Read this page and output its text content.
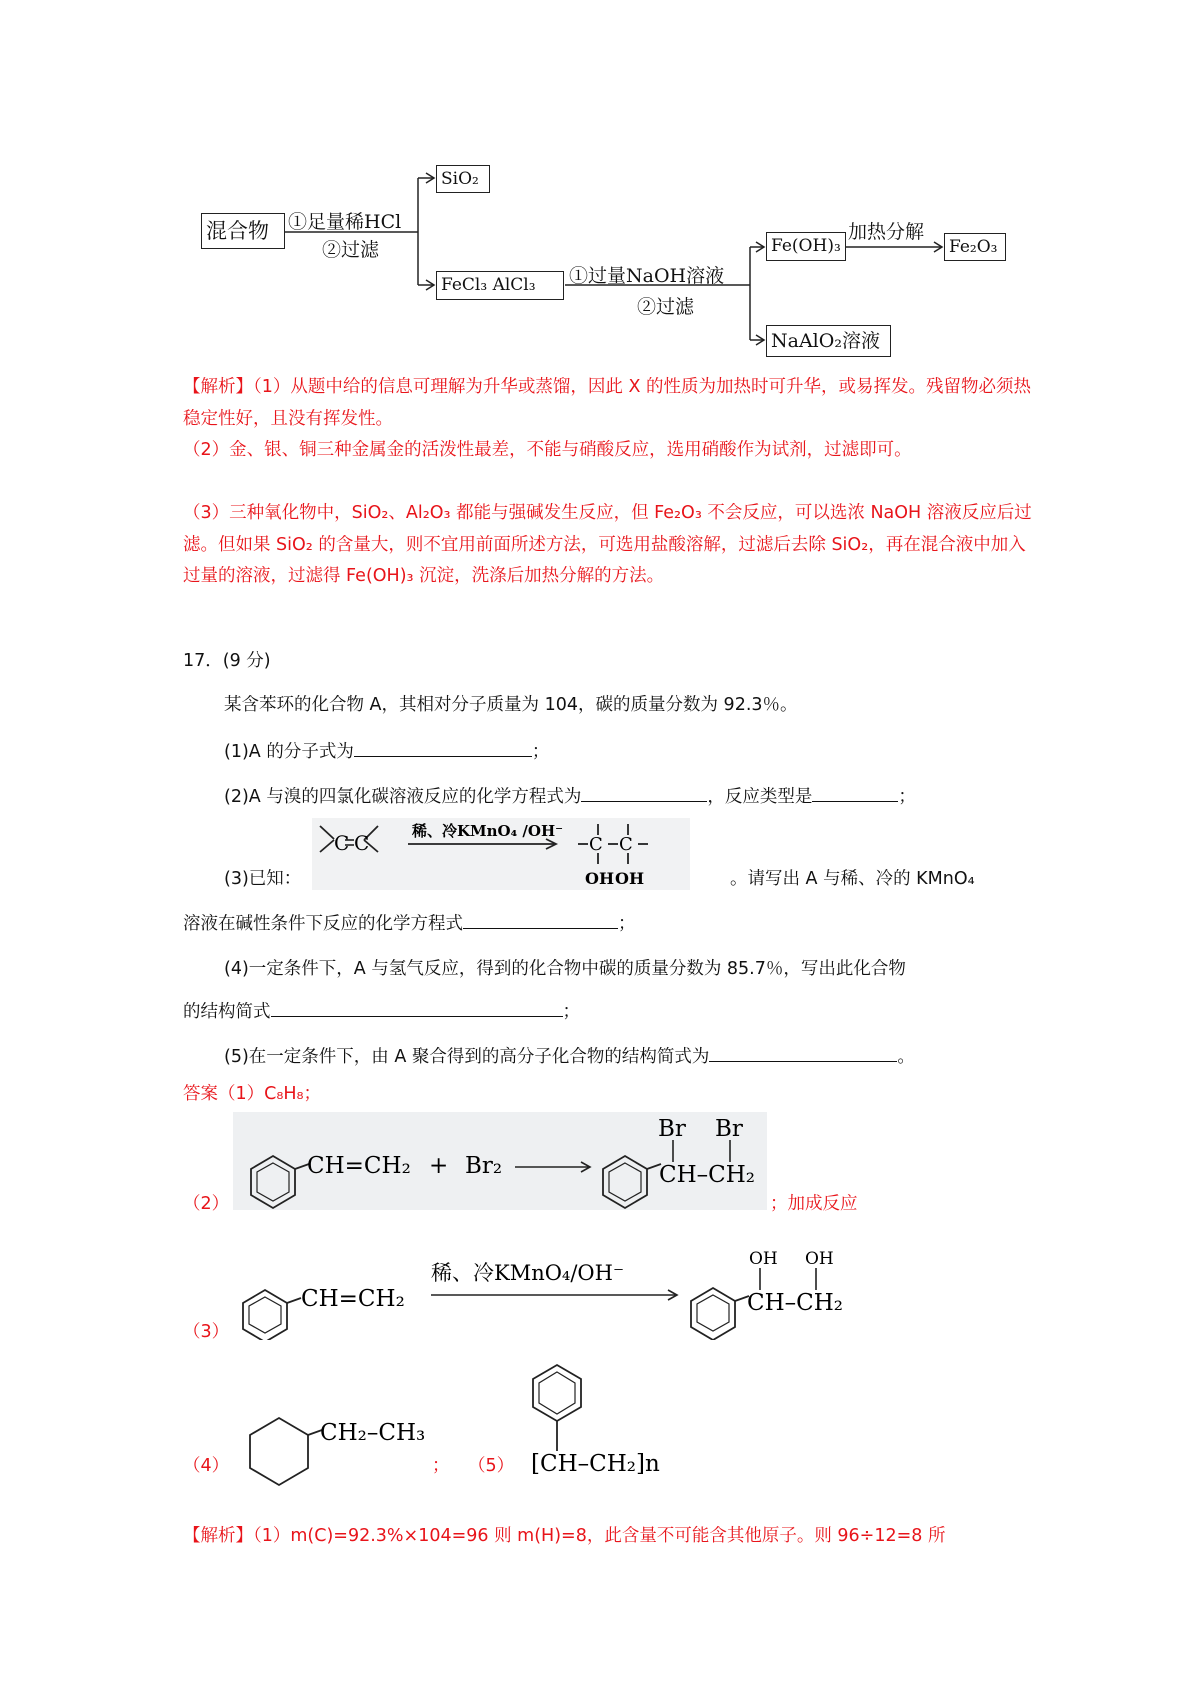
混合物	①足量稀HCl
②过滤
SiO₂
FeCl₃ AlCl₃	①过量NaOH溶液
②过滤
Fe(OH)₃
加热分解
Fe₂O₃
NaAlO₂溶液
【解析】（1）从题中给的信息可理解为升华或蒸馏，因此 X 的性质为加热时可升华，或易挥发。残留物必须热稳定性好，且没有挥发性。
（2）金、银、铜三种金属金的活泼性最差，不能与硝酸反应，选用硝酸作为试剂，过滤即可。
（3）三种氧化物中，SiO₂、Al₂O₃ 都能与强碱发生反应，但 Fe₂O₃ 不会反应，可以选浓 NaOH 溶液反应后过滤。但如果 SiO₂ 的含量大，则不宜用前面所述方法，可选用盐酸溶解，过滤后去除 SiO₂，再在混合液中加入过量的溶液，过滤得 Fe(OH)₃ 沉淀，洗涤后加热分解的方法。
17．(9 分)
某含苯环的化合物 A，其相对分子质量为 104，碳的质量分数为 92.3％。
(1)A 的分子式为	；
(2)A 与溴的四氯化碳溶液反应的化学方程式为	，反应类型是	；
C C	C C
稀、冷KMnO₄ /OH⁻
OH OH
(3)已知：	。请写出 A 与稀、冷的 KMnO₄
溶液在碱性条件下反应的化学方程式	；
(4)一定条件下，A 与氢气反应，得到的化合物中碳的质量分数为 85.7％，写出此化合物
的结构简式	；
(5)在一定条件下，由 A 聚合得到的高分子化合物的结构简式为	。
答案（1）C₈H₈；
（2）
CH=CH₂ + Br₂	CH–CH₂
Br Br
；加成反应
（3）
CH=CH₂
稀、冷KMnO₄/OH⁻
CH–CH₂
OH OH
（4）
CH₂–CH₃
； （5） [CH–CH₂]n
【解析】（1）m(C)=92.3%×104=96 则 m(H)=8，此含量不可能含其他原子。则 96÷12=8 所
